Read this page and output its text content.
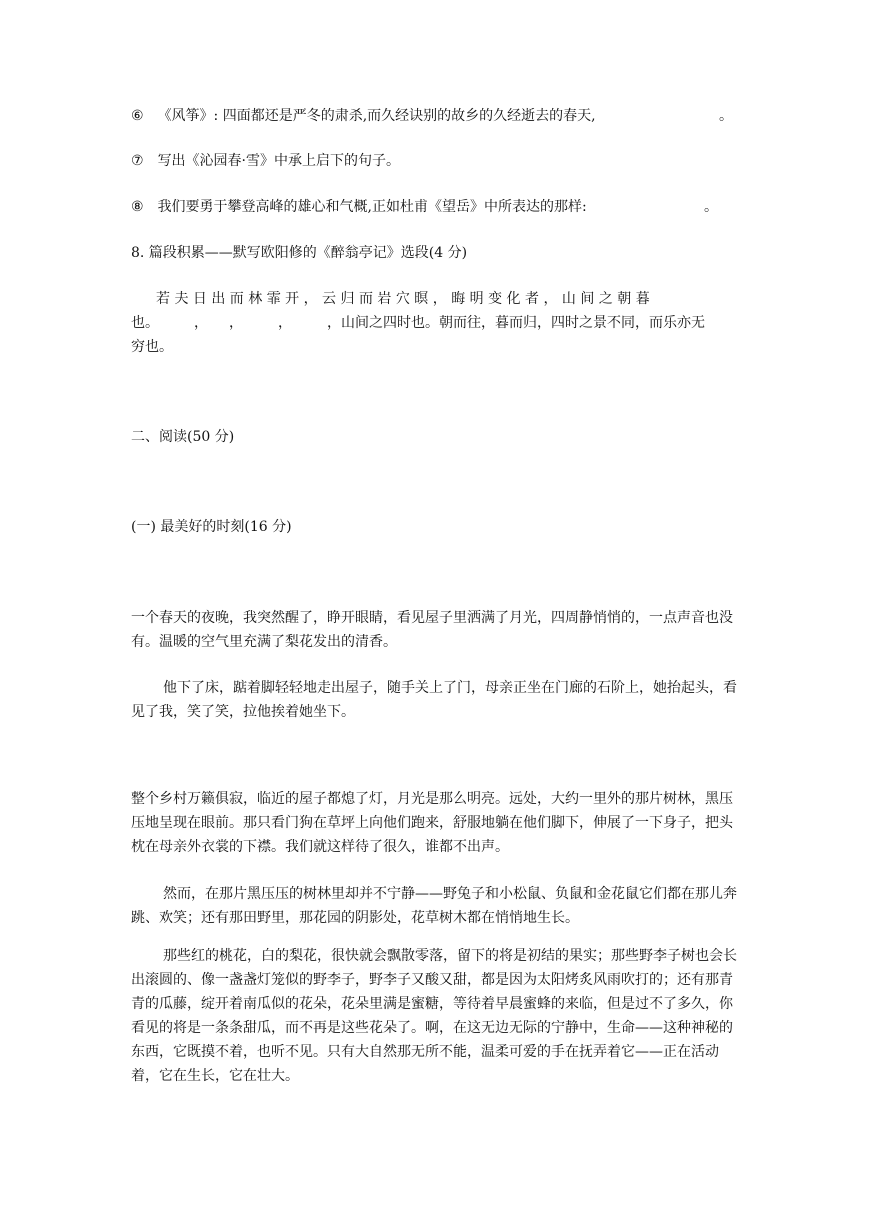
⑥ 《风筝》: 四面都还是严冬的肃杀,而久经诀别的故乡的久经逝去的春天,	。
⑦ 写出《沁园春·雪》中承上启下的句子。
⑧ 我们要勇于攀登高峰的雄心和气概,正如杜甫《望岳》中所表达的那样:	。
8. 篇段积累——默写欧阳修的《醉翁亭记》选段(4 分)
若 夫 日 出 而 林 霏 开 ， 云 归 而 岩 穴 暝 ， 晦 明 变 化 者 ， 山 间 之 朝 暮
也。　　　，　　，　　　，　　　，山间之四时也。朝而往，暮而归，四时之景不同，而乐亦无
穷也。
二、阅读(50 分)
(一) 最美好的时刻(16 分)
一个春天的夜晚，我突然醒了，睁开眼睛，看见屋子里洒满了月光，四周静悄悄的，一点声音也没有。温暖的空气里充满了梨花发出的清香。
他下了床，踮着脚轻轻地走出屋子，随手关上了门，母亲正坐在门廊的石阶上，她抬起头，看见了我，笑了笑，拉他挨着她坐下。
整个乡村万籁俱寂，临近的屋子都熄了灯，月光是那么明亮。远处，大约一里外的那片树林，黑压压地呈现在眼前。那只看门狗在草坪上向他们跑来，舒服地躺在他们脚下，伸展了一下身子，把头枕在母亲外衣裳的下襟。我们就这样待了很久，谁都不出声。
然而，在那片黑压压的树林里却并不宁静——野兔子和小松鼠、负鼠和金花鼠它们都在那儿奔跳、欢笑；还有那田野里，那花园的阴影处，花草树木都在悄悄地生长。
那些红的桃花，白的梨花，很快就会飘散零落，留下的将是初结的果实；那些野李子树也会长出滚圆的、像一盏盏灯笼似的野李子，野李子又酸又甜，都是因为太阳烤炙风雨吹打的；还有那青青的瓜藤，绽开着南瓜似的花朵，花朵里满是蜜糖，等待着早晨蜜蜂的来临，但是过不了多久，你看见的将是一条条甜瓜，而不再是这些花朵了。啊，在这无边无际的宁静中，生命——这种神秘的东西，它既摸不着，也听不见。只有大自然那无所不能，温柔可爱的手在抚弄着它——正在活动着，它在生长，它在壮大。
